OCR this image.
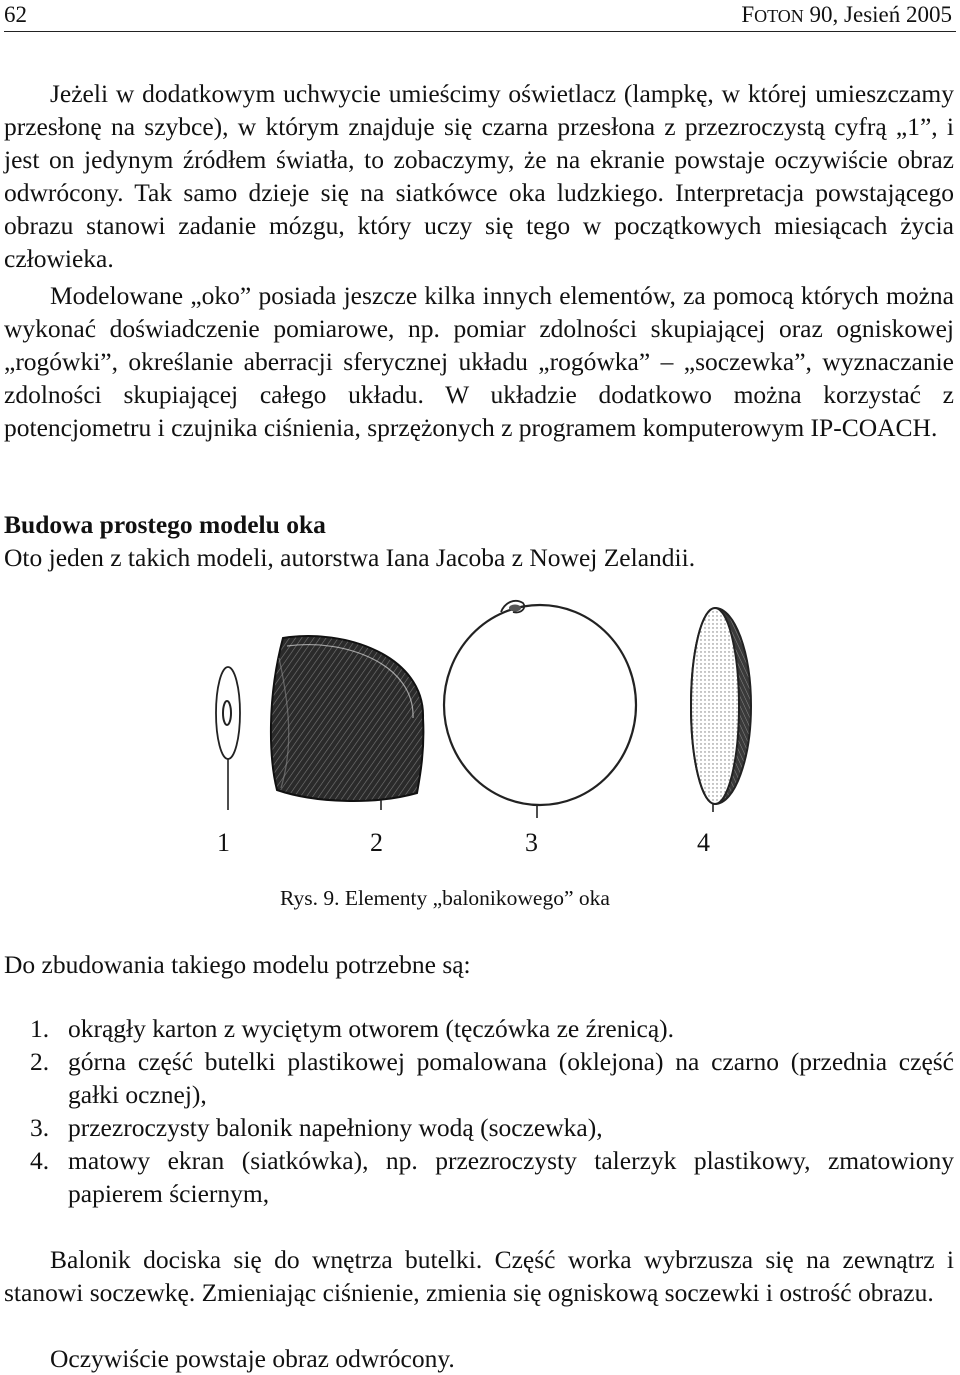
62	FOTON 90, Jesień 2005

Jeżeli w dodatkowym uchwycie umieścimy oświetlacz (lampkę, w której umieszczamy przesłonę na szybce), w którym znajduje się czarna przesłona z przezroczystą cyfrą „1”, i jest on jedynym źródłem światła, to zobaczymy, że na ekranie powstaje oczywiście obraz odwrócony. Tak samo dzieje się na siatkówce oka ludzkiego. Interpretacja powstającego obrazu stanowi zadanie mózgu, który uczy się tego w początkowych miesiącach życia człowieka.

Modelowane „oko” posiada jeszcze kilka innych elementów, za pomocą których można wykonać doświadczenie pomiarowe, np. pomiar zdolności skupiającej oraz ogniskowej „rogówki”, określanie aberracji sferycznej układu „rogówka” – „soczewka”, wyznaczanie zdolności skupiającej całego układu. W układzie dodatkowo można korzystać z potencjometru i czujnika ciśnienia, sprzężonych z programem komputerowym IP-COACH.

Budowa prostego modelu oka
Oto jeden z takich modeli, autorstwa Iana Jacoba z Nowej Zelandii.
1	2	3	4
Rys. 9. Elementy „balonikowego” oka
Do zbudowania takiego modelu potrzebne są:
1. okrągły karton z wyciętym otworem (tęczówka ze źrenicą).
2. górna część butelki plastikowej pomalowana (oklejona) na czarno (przednia część gałki ocznej),
3. przezroczysty balonik napełniony wodą (soczewka),
4. matowy ekran (siatkówka), np. przezroczysty talerzyk plastikowy, zmatowiony papierem ściernym,

Balonik dociska się do wnętrza butelki. Część worka wybrzusza się na zewnątrz i stanowi soczewkę. Zmieniając ciśnienie, zmienia się ogniskową soczewki i ostrość obrazu.

Oczywiście powstaje obraz odwrócony.
